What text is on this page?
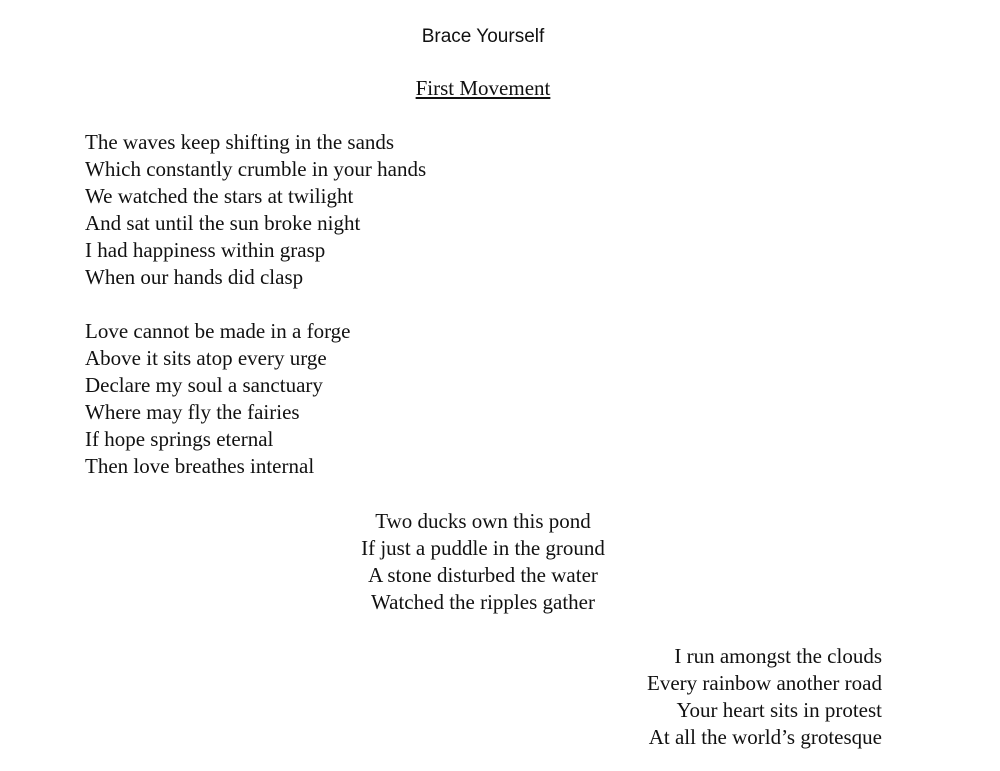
Brace Yourself
First Movement
The waves keep shifting in the sands
Which constantly crumble in your hands
We watched the stars at twilight
And sat until the sun broke night
I had happiness within grasp
When our hands did clasp
Love cannot be made in a forge
Above it sits atop every urge
Declare my soul a sanctuary
Where may fly the fairies
If hope springs eternal
Then love breathes internal
Two ducks own this pond
If just a puddle in the ground
A stone disturbed the water
Watched the ripples gather
I run amongst the clouds
Every rainbow another road
Your heart sits in protest
At all the world’s grotesque
